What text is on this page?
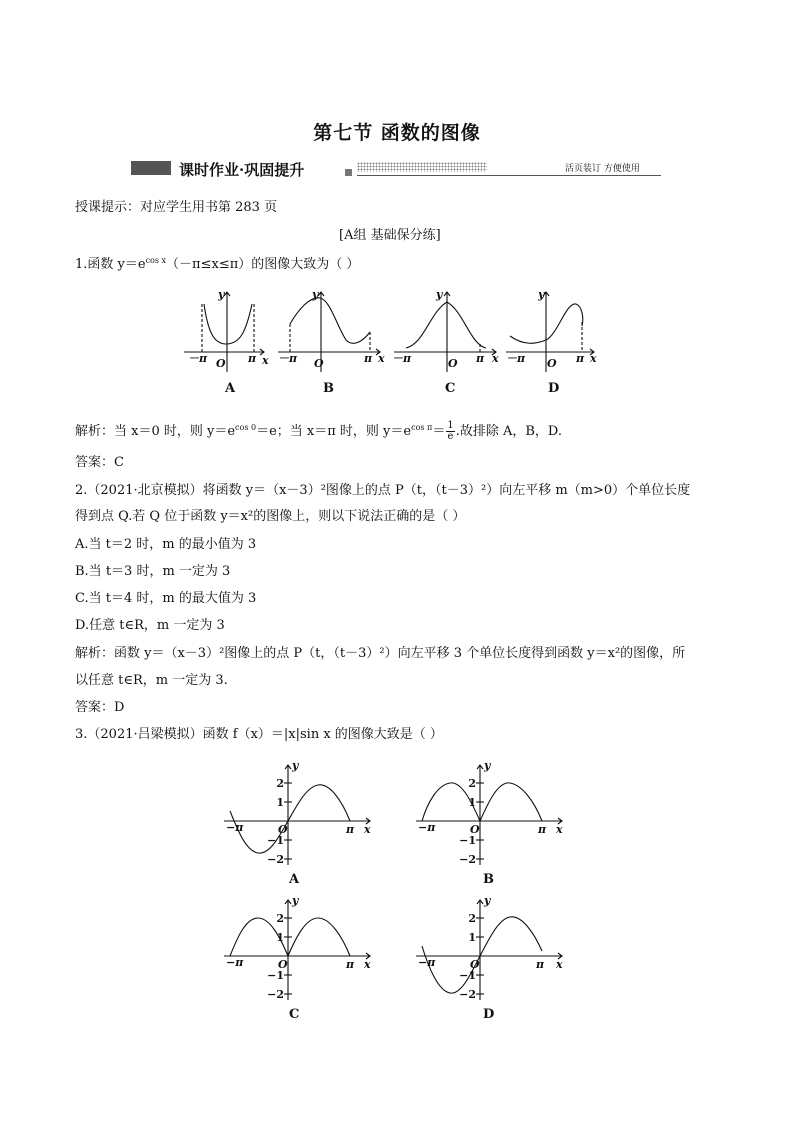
第七节 函数的图像
课时作业·巩固提升	活页装订 方便使用
授课提示：对应学生用书第 283 页
[A组 基础保分练]
1.函数 $y=e^{cos x}(-\pi\le x\le\pi)$的图像大致为（ ）
y
x
O
－π	π
y
x
O
－π	π
y
x
O
－π	π
y
x
O
－π	π
A	B	C	D
解析：当 x＝0 时，则 $y=e^{cos 0}=e$；当 x＝π 时，则 $y=e^{cos \pi}= \frac{1}{e}$ .故排除 A，B，D.
答案：C
2.（2021·北京模拟）将函数 y＝（x－3）²图像上的点 P（t，（t－3）²）向左平移 m（m>0）个单位长度
得到点 Q.若 Q 位于函数 y＝x²的图像上，则以下说法正确的是（ ）
A.当 t＝2 时，m 的最小值为 3
B.当 t＝3 时，m 一定为 3
C.当 t＝4 时，m 的最大值为 3
D.任意 t∈R，m 一定为 3
解析：函数 y＝（x－3）²图像上的点 P（t，（t－3）²）向左平移 3 个单位长度得到函数 y＝x²的图像，所
以任意 t∈R，m 一定为 3.
答案：D
3.（2021·吕梁模拟）函数 f（x）＝|x|sin x 的图像大致是（ ）
y
x
O
−π	π
y
x
O
−π	π
y
x
O
−π	π
y
x
O
−π	π
2
1
−1
−2
2
1
−1
−2
2
1
−1
−2
2
1
−1
−2
A	B
C	D
